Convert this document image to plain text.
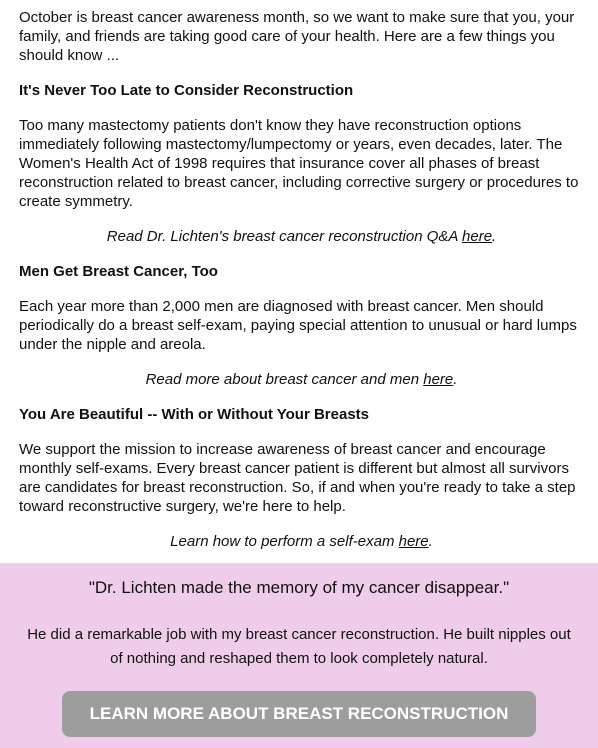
October is breast cancer awareness month, so we want to make sure that you, your family, and friends are taking good care of your health. Here are a few things you should know ...

It's Never Too Late to Consider Reconstruction

Too many mastectomy patients don't know they have reconstruction options immediately following mastectomy/lumpectomy or years, even decades, later. The Women's Health Act of 1998 requires that insurance cover all phases of breast reconstruction related to breast cancer, including corrective surgery or procedures to create symmetry.

Read Dr. Lichten's breast cancer reconstruction Q&A here.

Men Get Breast Cancer, Too

Each year more than 2,000 men are diagnosed with breast cancer. Men should periodically do a breast self-exam, paying special attention to unusual or hard lumps under the nipple and areola.

Read more about breast cancer and men here.

You Are Beautiful -- With or Without Your Breasts

We support the mission to increase awareness of breast cancer and encourage monthly self-exams. Every breast cancer patient is different but almost all survivors are candidates for breast reconstruction. So, if and when you're ready to take a step toward reconstructive surgery, we're here to help.

Learn how to perform a self-exam here.

"Dr. Lichten made the memory of my cancer disappear."
He did a remarkable job with my breast cancer reconstruction. He built nipples out of nothing and reshaped them to look completely natural.
LEARN MORE ABOUT BREAST RECONSTRUCTION
